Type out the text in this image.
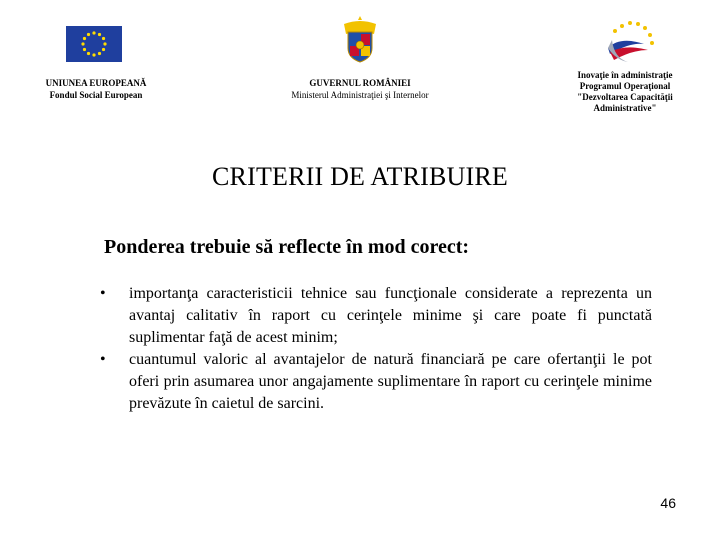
UNIUNEA EUROPEANĂ
Fondul Social European
GUVERNUL ROMÂNIEI
Ministerul Administraţiei şi Internelor
Inovaţie în administraţie
Programul Operaţional
"Dezvoltarea Capacităţii
Administrative"
CRITERII DE ATRIBUIRE
Ponderea trebuie să reflecte în mod corect:
• importanţa caracteristicii tehnice sau funcţionale considerate a reprezenta un avantaj calitativ în raport cu cerinţele minime şi care poate fi punctată suplimentar faţă de acest minim;
• cuantumul valoric al avantajelor de natură financiară pe care ofertanţii le pot oferi prin asumarea unor angajamente suplimentare în raport cu cerinţele minime prevăzute în caietul de sarcini.
46
